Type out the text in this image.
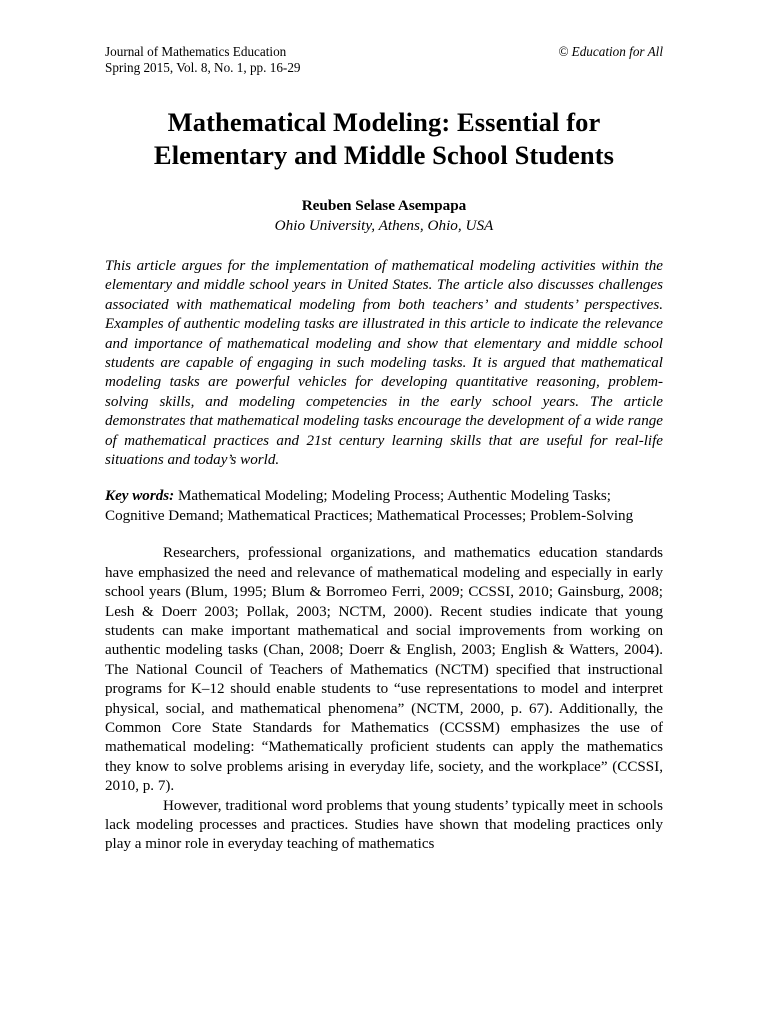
Journal of Mathematics Education
Spring 2015, Vol. 8, No. 1, pp. 16-29
© Education for All
Mathematical Modeling: Essential for Elementary and Middle School Students
Reuben Selase Asempapa
Ohio University, Athens, Ohio, USA
This article argues for the implementation of mathematical modeling activities within the elementary and middle school years in United States. The article also discusses challenges associated with mathematical modeling from both teachers’ and students’ perspectives. Examples of authentic modeling tasks are illustrated in this article to indicate the relevance and importance of mathematical modeling and show that elementary and middle school students are capable of engaging in such modeling tasks. It is argued that mathematical modeling tasks are powerful vehicles for developing quantitative reasoning, problem-solving skills, and modeling competencies in the early school years. The article demonstrates that mathematical modeling tasks encourage the development of a wide range of mathematical practices and 21st century learning skills that are useful for real-life situations and today’s world.
Key words: Mathematical Modeling; Modeling Process; Authentic Modeling Tasks; Cognitive Demand; Mathematical Practices; Mathematical Processes; Problem-Solving

Researchers, professional organizations, and mathematics education standards have emphasized the need and relevance of mathematical modeling and especially in early school years (Blum, 1995; Blum & Borromeo Ferri, 2009; CCSSI, 2010; Gainsburg, 2008; Lesh & Doerr 2003; Pollak, 2003; NCTM, 2000). Recent studies indicate that young students can make important mathematical and social improvements from working on authentic modeling tasks (Chan, 2008; Doerr & English, 2003; English & Watters, 2004). The National Council of Teachers of Mathematics (NCTM) specified that instructional programs for K–12 should enable students to “use representations to model and interpret physical, social, and mathematical phenomena” (NCTM, 2000, p. 67). Additionally, the Common Core State Standards for Mathematics (CCSSM) emphasizes the use of mathematical modeling: “Mathematically proficient students can apply the mathematics they know to solve problems arising in everyday life, society, and the workplace” (CCSSI, 2010, p. 7).

However, traditional word problems that young students’ typically meet in schools lack modeling processes and practices. Studies have shown that modeling practices only play a minor role in everyday teaching of mathematics
